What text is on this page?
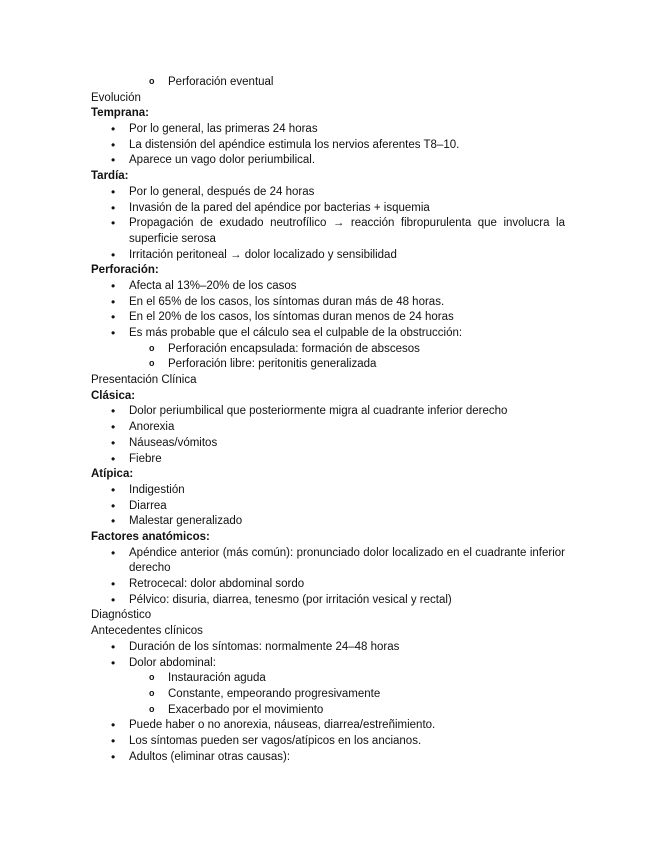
o Perforación eventual
Evolución
Temprana:
• Por lo general, las primeras 24 horas
• La distensión del apéndice estimula los nervios aferentes T8–10.
• Aparece un vago dolor periumbilical.
Tardía:
• Por lo general, después de 24 horas
• Invasión de la pared del apéndice por bacterias + isquemia
• Propagación de exudado neutrofílico → reacción fibropurulenta que involucra la superficie serosa
• Irritación peritoneal → dolor localizado y sensibilidad
Perforación:
• Afecta al 13%–20% de los casos
• En el 65% de los casos, los síntomas duran más de 48 horas.
• En el 20% de los casos, los síntomas duran menos de 24 horas
• Es más probable que el cálculo sea el culpable de la obstrucción:
o Perforación encapsulada: formación de abscesos
o Perforación libre: peritonitis generalizada
Presentación Clínica
Clásica:
• Dolor periumbilical que posteriormente migra al cuadrante inferior derecho
• Anorexia
• Náuseas/vómitos
• Fiebre
Atípica:
• Indigestión
• Diarrea
• Malestar generalizado
Factores anatómicos:
• Apéndice anterior (más común): pronunciado dolor localizado en el cuadrante inferior derecho
• Retrocecal: dolor abdominal sordo
• Pélvico: disuria, diarrea, tenesmo (por irritación vesical y rectal)
Diagnóstico
Antecedentes clínicos
• Duración de los síntomas: normalmente 24–48 horas
• Dolor abdominal:
o Instauración aguda
o Constante, empeorando progresivamente
o Exacerbado por el movimiento
• Puede haber o no anorexia, náuseas, diarrea/estreñimiento.
• Los síntomas pueden ser vagos/atípicos en los ancianos.
• Adultos (eliminar otras causas):
